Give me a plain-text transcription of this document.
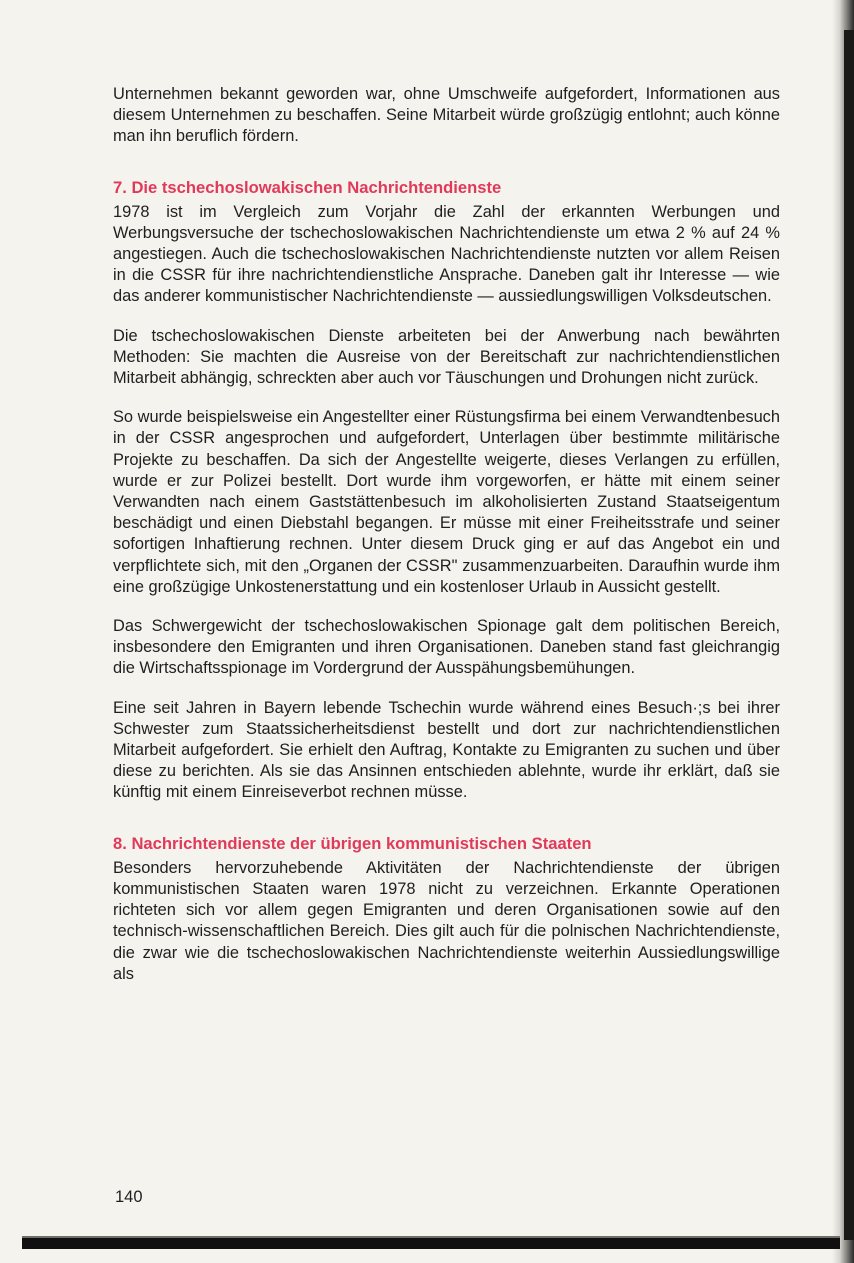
Unternehmen bekannt geworden war, ohne Umschweife aufgefordert, Informationen aus diesem Unternehmen zu beschaffen. Seine Mitarbeit würde großzügig entlohnt; auch könne man ihn beruflich fördern.

7. Die tschechoslowakischen Nachrichtendienste

1978 ist im Vergleich zum Vorjahr die Zahl der erkannten Werbungen und Werbungsversuche der tschechoslowakischen Nachrichtendienste um etwa 2 % auf 24 % angestiegen. Auch die tschechoslowakischen Nachrichtendienste nutzten vor allem Reisen in die CSSR für ihre nachrichtendienstliche Ansprache. Daneben galt ihr Interesse — wie das anderer kommunistischer Nachrichtendienste — aussiedlungswilligen Volksdeutschen.

Die tschechoslowakischen Dienste arbeiteten bei der Anwerbung nach bewährten Methoden: Sie machten die Ausreise von der Bereitschaft zur nachrichtendienstlichen Mitarbeit abhängig, schreckten aber auch vor Täuschungen und Drohungen nicht zurück.

So wurde beispielsweise ein Angestellter einer Rüstungsfirma bei einem Verwandtenbesuch in der CSSR angesprochen und aufgefordert, Unterlagen über bestimmte militärische Projekte zu beschaffen. Da sich der Angestellte weigerte, dieses Verlangen zu erfüllen, wurde er zur Polizei bestellt. Dort wurde ihm vorgeworfen, er hätte mit einem seiner Verwandten nach einem Gaststättenbesuch im alkoholisierten Zustand Staatseigentum beschädigt und einen Diebstahl begangen. Er müsse mit einer Freiheitsstrafe und seiner sofortigen Inhaftierung rechnen. Unter diesem Druck ging er auf das Angebot ein und verpflichtete sich, mit den „Organen der CSSR" zusammenzuarbeiten. Daraufhin wurde ihm eine großzügige Unkostenerstattung und ein kostenloser Urlaub in Aussicht gestellt.

Das Schwergewicht der tschechoslowakischen Spionage galt dem politischen Bereich, insbesondere den Emigranten und ihren Organisationen. Daneben stand fast gleichrangig die Wirtschaftsspionage im Vordergrund der Ausspähungsbemühungen.

Eine seit Jahren in Bayern lebende Tschechin wurde während eines Besuch·;s bei ihrer Schwester zum Staatssicherheitsdienst bestellt und dort zur nachrichtendienstlichen Mitarbeit aufgefordert. Sie erhielt den Auftrag, Kontakte zu Emigranten zu suchen und über diese zu berichten. Als sie das Ansinnen entschieden ablehnte, wurde ihr erklärt, daß sie künftig mit einem Einreiseverbot rechnen müsse.

8. Nachrichtendienste der übrigen kommunistischen Staaten

Besonders hervorzuhebende Aktivitäten der Nachrichtendienste der übrigen kommunistischen Staaten waren 1978 nicht zu verzeichnen. Erkannte Operationen richteten sich vor allem gegen Emigranten und deren Organisationen sowie auf den technisch-wissenschaftlichen Bereich. Dies gilt auch für die polnischen Nachrichtendienste, die zwar wie die tschechoslowakischen Nachrichtendienste weiterhin Aussiedlungswillige als

140
